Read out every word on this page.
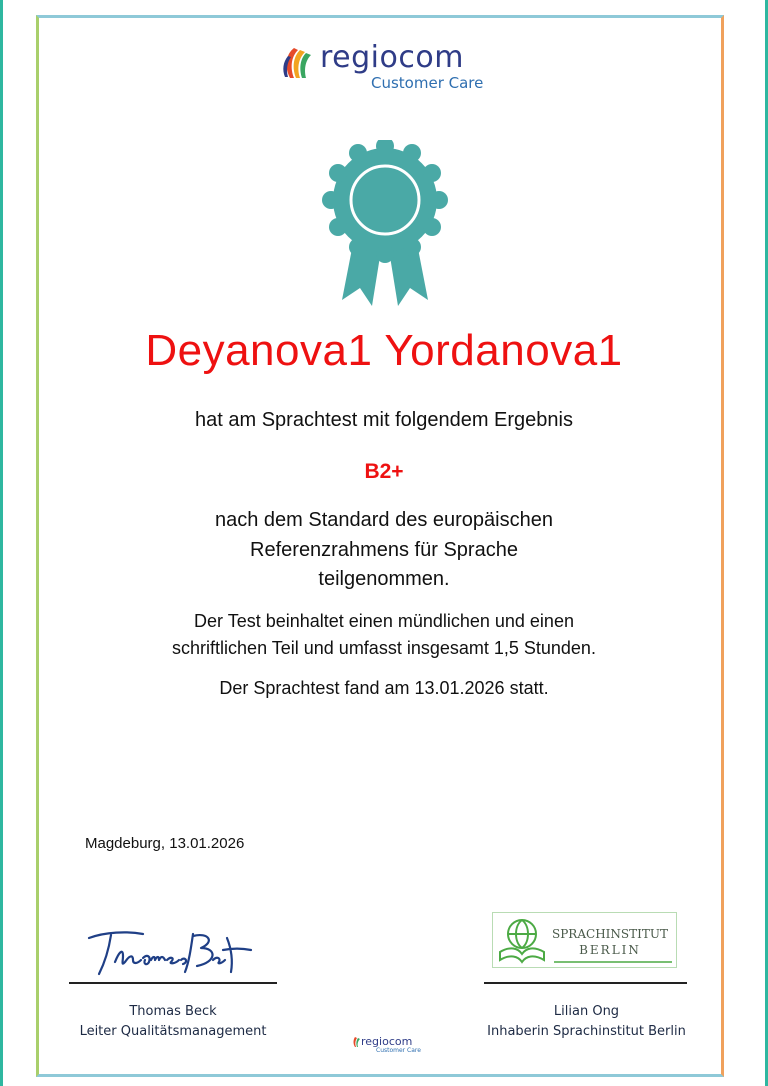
regiocom
Customer Care
Deyanova1 Yordanova1
hat am Sprachtest mit folgendem Ergebnis
B2+
nach dem Standard des europäischen
Referenzrahmens für Sprache
teilgenommen.
Der Test beinhaltet einen mündlichen und einen
schriftlichen Teil und umfasst insgesamt 1,5 Stunden.
Der Sprachtest fand am 13.01.2026 statt.
Magdeburg, 13.01.2026
Thomas Beck
Leiter Qualitätsmanagement
SPRACHINSTITUT
BERLIN
Lilian Ong
Inhaberin Sprachinstitut Berlin
regiocom
Customer Care
